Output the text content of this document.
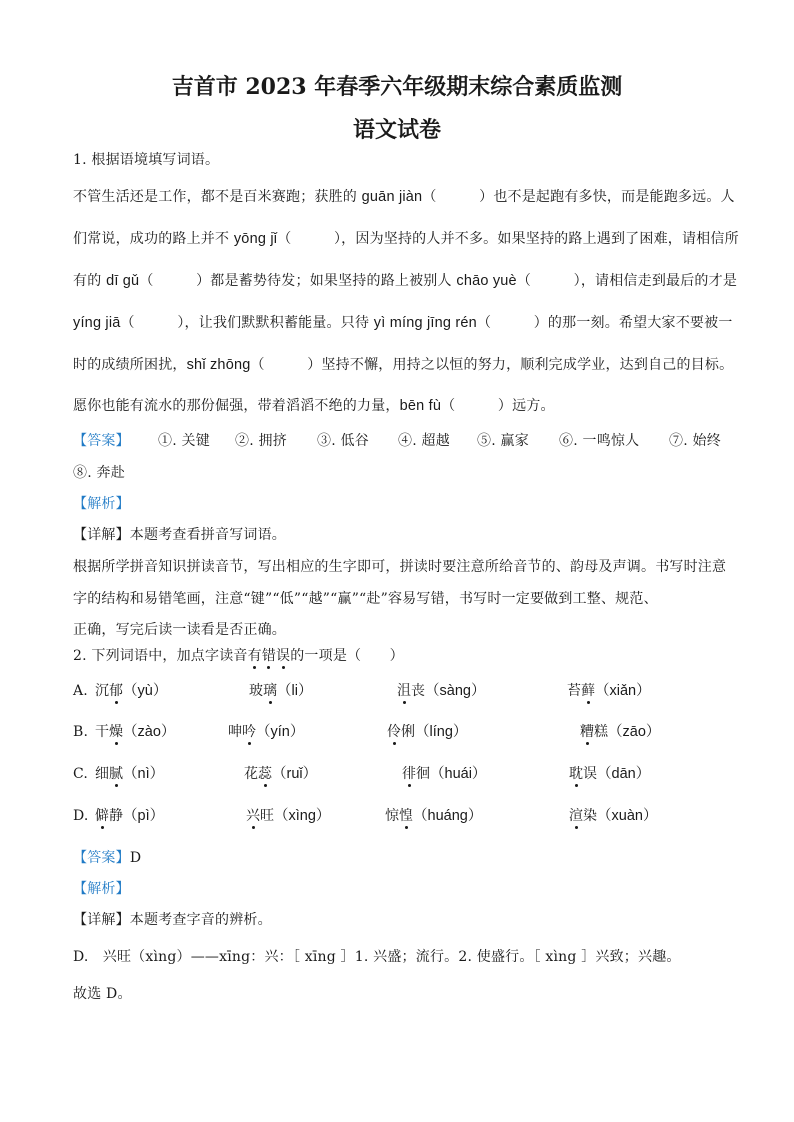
吉首市 2023 年春季六年级期末综合素质监测
语文试卷
1. 根据语境填写词语。
不管生活还是工作，都不是百米赛跑；获胜的 guān jiàn（　　　）也不是起跑有多快，而是能跑多远。人
们常说，成功的路上并不 yōng jǐ（　　　），因为坚持的人并不多。如果坚持的路上遇到了困难，请相信所
有的 dī gǔ（　　　）都是蓄势待发；如果坚持的路上被别人 chāo yuè（　　　），请相信走到最后的才是
yíng jiā（　　　），让我们默默积蓄能量。只待 yì míng jīng rén（　　　）的那一刻。希望大家不要被一
时的成绩所困扰，shǐ zhōng（　　　）坚持不懈，用持之以恒的努力，顺利完成学业，达到自己的目标。
愿你也能有流水的那份倔强，带着滔滔不绝的力量，bēn fù（　　　）远方。
【答案】 ①. 关键 ②. 拥挤 ③. 低谷 ④. 超越 ⑤. 赢家 ⑥. 一鸣惊人 ⑦. 始终
⑧. 奔赴
【解析】
【详解】本题考查看拼音写词语。
根据所学拼音知识拼读音节，写出相应的生字即可，拼读时要注意所给音节的、韵母及声调。书写时注意
字的结构和易错笔画，注意“键”“低”“越”“赢”“赴”容易写错，书写时一定要做到工整、规范、
正确，写完后读一读看是否正确。
2. 下列词语中，加点字读音有错误的一项是（　　）
A. 沉郁（yù）	玻璃（li）	沮丧（sàng）	苔藓（xiǎn）
B. 干燥（zào）	呻吟（yín）	伶俐（líng）	糟糕（zāo）
C. 细腻（nì）	花蕊（ruǐ）	徘徊（huái）	耽误（dān）
D. 僻静（pì）	兴旺（xìng）	惊惶（huáng）	渲染（xuàn）
【答案】D
【解析】
【详解】本题考查字音的辨析。
D.　兴旺（xìng）——xīng：兴：［ xīng ］1. 兴盛；流行。2. 使盛行。［ xìng ］兴致；兴趣。
故选 D。
